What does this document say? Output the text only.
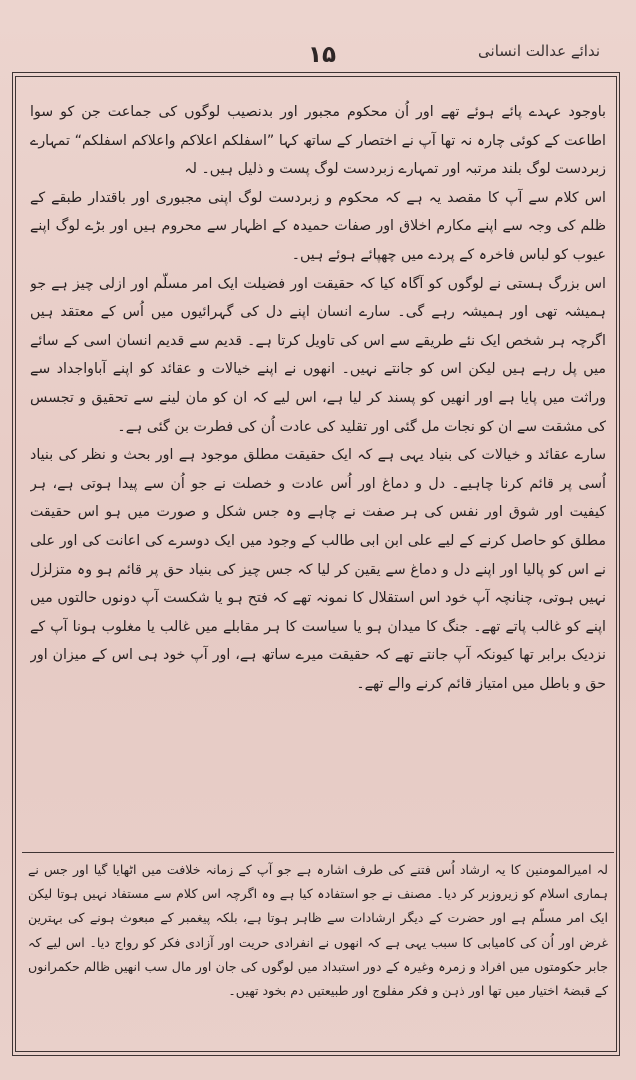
ندائے عدالت انسانی
۱۵

باوجود عہدے پائے ہوئے تھے اور اُن محکوم مجبور اور بدنصیب لوگوں کی جماعت جن کو سوا اطاعت کے کوئی چارہ نہ تھا آپ نے اختصار کے ساتھ کہا ”اسفلکم اعلاکم واعلاکم اسفلکم“ تمہارے زبردست لوگ بلند مرتبہ اور تمہارے زبردست لوگ پست و ذلیل ہیں۔ لہ

اس کلام سے آپ کا مقصد یہ ہے کہ محکوم و زبردست لوگ اپنی مجبوری اور باقتدار طبقے کے ظلم کی وجہ سے اپنے مکارم اخلاق اور صفات حمیدہ کے اظہار سے محروم ہیں اور بڑے لوگ اپنے عیوب کو لباس فاخرہ کے پردے میں چھپائے ہوئے ہیں۔

اس بزرگ ہستی نے لوگوں کو آگاہ کیا کہ حقیقت اور فضیلت ایک امر مسلّم اور ازلی چیز ہے جو ہمیشہ تھی اور ہمیشہ رہے گی۔ سارے انسان اپنے دل کی گہرائیوں میں اُس کے معتقد ہیں اگرچہ ہر شخص ایک نئے طریقے سے اس کی تاویل کرتا ہے۔ قدیم سے قدیم انسان اسی کے سائے میں پل رہے ہیں لیکن اس کو جانتے نہیں۔ انھوں نے اپنے خیالات و عقائد کو اپنے آباواجداد سے وراثت میں پایا ہے اور انھیں کو پسند کر لیا ہے، اس لیے کہ ان کو مان لینے سے تحقیق و تجسس کی مشقت سے ان کو نجات مل گئی اور تقلید کی عادت اُن کی فطرت بن گئی ہے۔

سارے عقائد و خیالات کی بنیاد یہی ہے کہ ایک حقیقت مطلق موجود ہے اور بحث و نظر کی بنیاد اُسی پر قائم کرنا چاہیے۔ دل و دماغ اور اُس عادت و خصلت نے جو اُن سے پیدا ہوتی ہے، ہر کیفیت اور شوق اور نفس کی ہر صفت نے چاہے وہ جس شکل و صورت میں ہو اس حقیقت مطلق کو حاصل کرنے کے لیے علی ابن ابی طالب کے وجود میں ایک دوسرے کی اعانت کی اور علی نے اس کو پالیا اور اپنے دل و دماغ سے یقین کر لیا کہ جس چیز کی بنیاد حق پر قائم ہو وہ متزلزل نہیں ہوتی، چنانچہ آپ خود اس استقلال کا نمونہ تھے کہ فتح ہو یا شکست آپ دونوں حالتوں میں اپنے کو غالب پاتے تھے۔ جنگ کا میدان ہو یا سیاست کا ہر مقابلے میں غالب یا مغلوب ہونا آپ کے نزدیک برابر تھا کیونکہ آپ جانتے تھے کہ حقیقت میرے ساتھ ہے، اور آپ خود ہی اس کے میزان اور حق و باطل میں امتیاز قائم کرنے والے تھے۔

لہ امیرالمومنین کا یہ ارشاد اُس فتنے کی طرف اشارہ ہے جو آپ کے زمانہ خلافت میں اٹھایا گیا اور جس نے ہماری اسلام کو زیروزبر کر دیا۔ مصنف نے جو استفادہ کیا ہے وہ اگرچہ اس کلام سے مستفاد نہیں ہوتا لیکن ایک امر مسلّم ہے اور حضرت کے دیگر ارشادات سے ظاہر ہوتا ہے، بلکہ پیغمبر کے مبعوث ہونے کی بہترین غرض اور اُن کی کامیابی کا سبب یہی ہے کہ انھوں نے انفرادی حریت اور آزادی فکر کو رواج دیا۔ اس لیے کہ جابر حکومتوں میں افراد و زمرہ وغیرہ کے دور استبداد میں لوگوں کی جان اور مال سب انھیں ظالم حکمرانوں کے قبضۂ اختیار میں تھا اور ذہن و فکر مفلوج اور طبیعتیں دم بخود تھیں۔
